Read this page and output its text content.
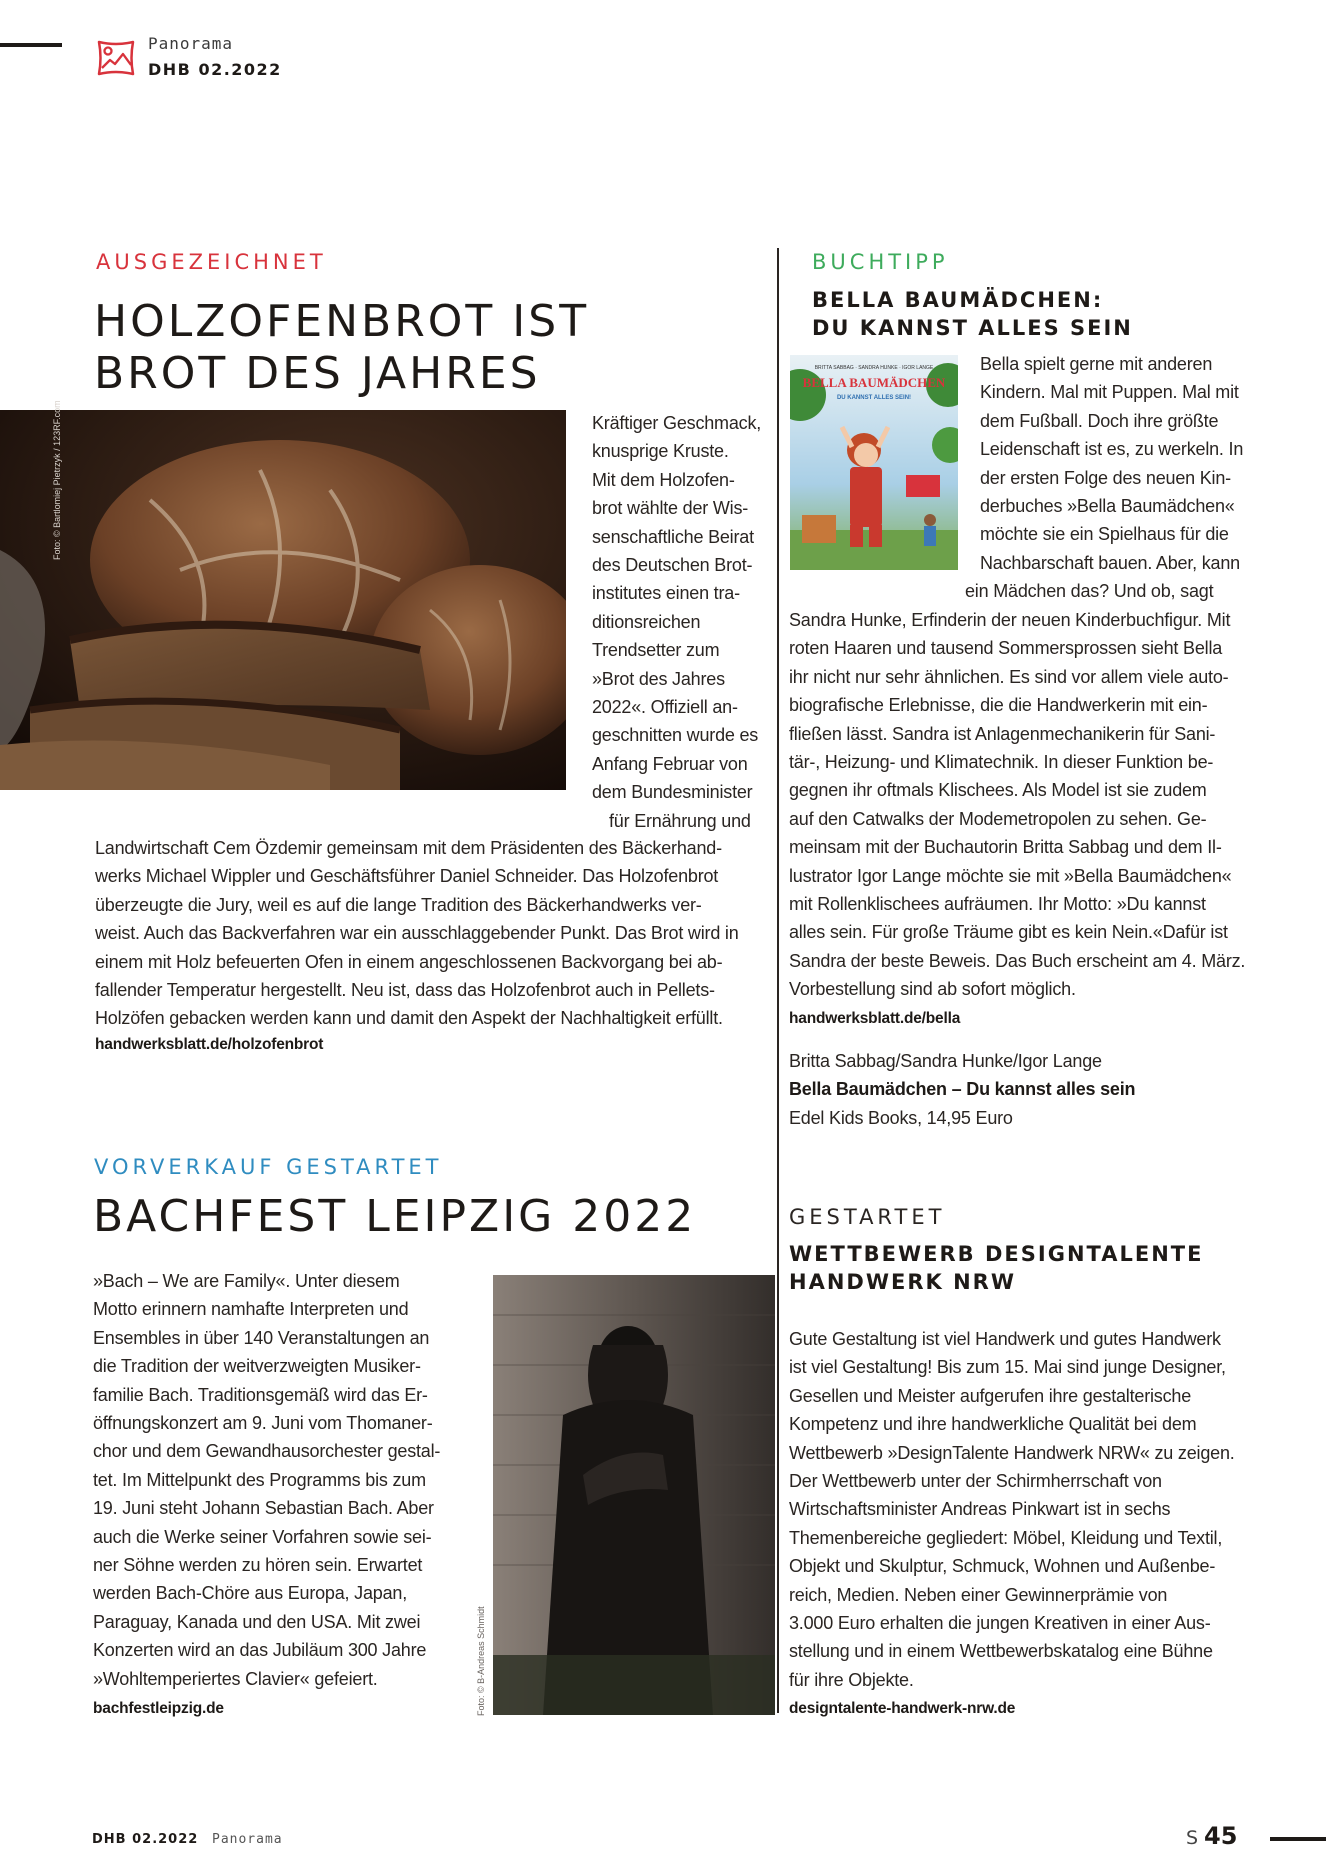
Panorama
DHB 02.2022
AUSGEZEICHNET
HOLZOFENBROT IST
BROT DES JAHRES
Foto: © Bartlomiej Pietrzyk / 123RF.com	Kräftiger Geschmack,
knusprige Kruste.
Mit dem Holzofen-
brot wählte der Wis-
senschaftliche Beirat
des Deutschen Brot-
institutes einen tra-
ditionsreichen
Trendsetter zum
»Brot des Jahres
2022«. Offiziell an-
geschnitten wurde es
Anfang Februar von
dem Bundesminister
für Ernährung und
Landwirtschaft Cem Özdemir gemeinsam mit dem Präsidenten des Bäckerhand-
werks Michael Wippler und Geschäftsführer Daniel Schneider. Das Holzofenbrot
überzeugte die Jury, weil es auf die lange Tradition des Bäckerhandwerks ver-
weist. Auch das Backverfahren war ein ausschlaggebender Punkt. Das Brot wird in
einem mit Holz befeuerten Ofen in einem angeschlossenen Backvorgang bei ab-
fallender Temperatur hergestellt. Neu ist, dass das Holzofenbrot auch in Pellets-
Holzöfen gebacken werden kann und damit den Aspekt der Nachhaltigkeit erfüllt.
handwerksblatt.de/holzofenbrot
BUCHTIPP
BELLA BAUMÄDCHEN:
DU KANNST ALLES SEIN
BRITTA SABBAG · SANDRA HUNKE · IGOR LANGE
BELLA BAUMÄDCHEN
DU KANNST ALLES SEIN!
Bella spielt gerne mit anderen
Kindern. Mal mit Puppen. Mal mit
dem Fußball. Doch ihre größte
Leidenschaft ist es, zu werkeln. In
der ersten Folge des neuen Kin-
derbuches »Bella Baumädchen«
möchte sie ein Spielhaus für die
Nachbarschaft bauen. Aber, kann
ein Mädchen das? Und ob, sagt
Sandra Hunke, Erfinderin der neuen Kinderbuchfigur. Mit
roten Haaren und tausend Sommersprossen sieht Bella
ihr nicht nur sehr ähnlichen. Es sind vor allem viele auto-
biografische Erlebnisse, die die Handwerkerin mit ein-
fließen lässt. Sandra ist Anlagenmechanikerin für Sani-
tär-, Heizung- und Klimatechnik. In dieser Funktion be-
gegnen ihr oftmals Klischees. Als Model ist sie zudem
auf den Catwalks der Modemetropolen zu sehen. Ge-
meinsam mit der Buchautorin Britta Sabbag und dem Il-
lustrator Igor Lange möchte sie mit »Bella Baumädchen«
mit Rollenklischees aufräumen. Ihr Motto: »Du kannst
alles sein. Für große Träume gibt es kein Nein.«Dafür ist
Sandra der beste Beweis. Das Buch erscheint am 4. März.
Vorbestellung sind ab sofort möglich.
handwerksblatt.de/bella
Britta Sabbag/Sandra Hunke/Igor Lange
Bella Baumädchen – Du kannst alles sein
Edel Kids Books, 14,95 Euro
VORVERKAUF GESTARTET
BACHFEST LEIPZIG 2022
»Bach – We are Family«. Unter diesem
Motto erinnern namhafte Interpreten und
Ensembles in über 140 Veranstaltungen an
die Tradition der weitverzweigten Musiker-
familie Bach. Traditionsgemäß wird das Er-
öffnungskonzert am 9. Juni vom Thomaner-
chor und dem Gewandhausorchester gestal-
tet. Im Mittelpunkt des Programms bis zum
19. Juni steht Johann Sebastian Bach. Aber
auch die Werke seiner Vorfahren sowie sei-
ner Söhne werden zu hören sein. Erwartet
werden Bach-Chöre aus Europa, Japan,
Paraguay, Kanada und den USA. Mit zwei
Konzerten wird an das Jubiläum 300 Jahre
»Wohltemperiertes Clavier« gefeiert.
bachfestleipzig.de	Foto: © B-Andreas Schmidt
GESTARTET
WETTBEWERB DESIGNTALENTE
HANDWERK NRW
Gute Gestaltung ist viel Handwerk und gutes Handwerk
ist viel Gestaltung! Bis zum 15. Mai sind junge Designer,
Gesellen und Meister aufgerufen ihre gestalterische
Kompetenz und ihre handwerkliche Qualität bei dem
Wettbewerb »DesignTalente Handwerk NRW« zu zeigen.
Der Wettbewerb unter der Schirmherrschaft von
Wirtschaftsminister Andreas Pinkwart ist in sechs
Themenbereiche gegliedert: Möbel, Kleidung und Textil,
Objekt und Skulptur, Schmuck, Wohnen und Außenbe-
reich, Medien. Neben einer Gewinnerprämie von
3.000 Euro erhalten die jungen Kreativen in einer Aus-
stellung und in einem Wettbewerbskatalog eine Bühne
für ihre Objekte.
designtalente-handwerk-nrw.de
DHB 02.2022 Panorama	S 45
